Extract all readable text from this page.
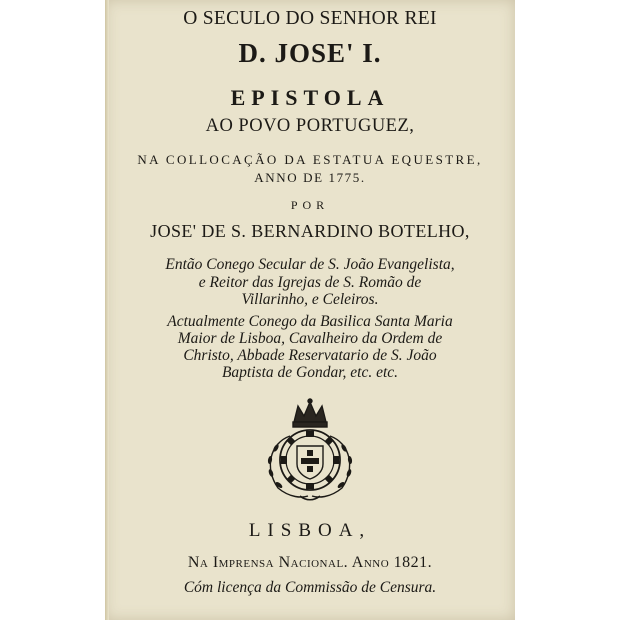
O SECULO DO SENHOR REI
D. JOSE' I.
EPISTOLA
AO POVO PORTUGUEZ,
NA COLLOCAÇÃO DA ESTATUA EQUESTRE,
ANNO DE 1775.
POR
JOSE' DE S. BERNARDINO BOTELHO,
Então Conego Secular de S. João Evangelista,
e Reitor das Igrejas de S. Romão de
Villarinho, e Celeiros.
Actualmente Conego da Basilica Santa Maria
Maior de Lisboa, Cavalheiro da Ordem de
Christo, Abbade Reservatario de S. João
Baptista de Gondar, etc. etc.
LISBOA,
Na Imprensa Nacional. Anno 1821.
Cóm licença da Commissão de Censura.
